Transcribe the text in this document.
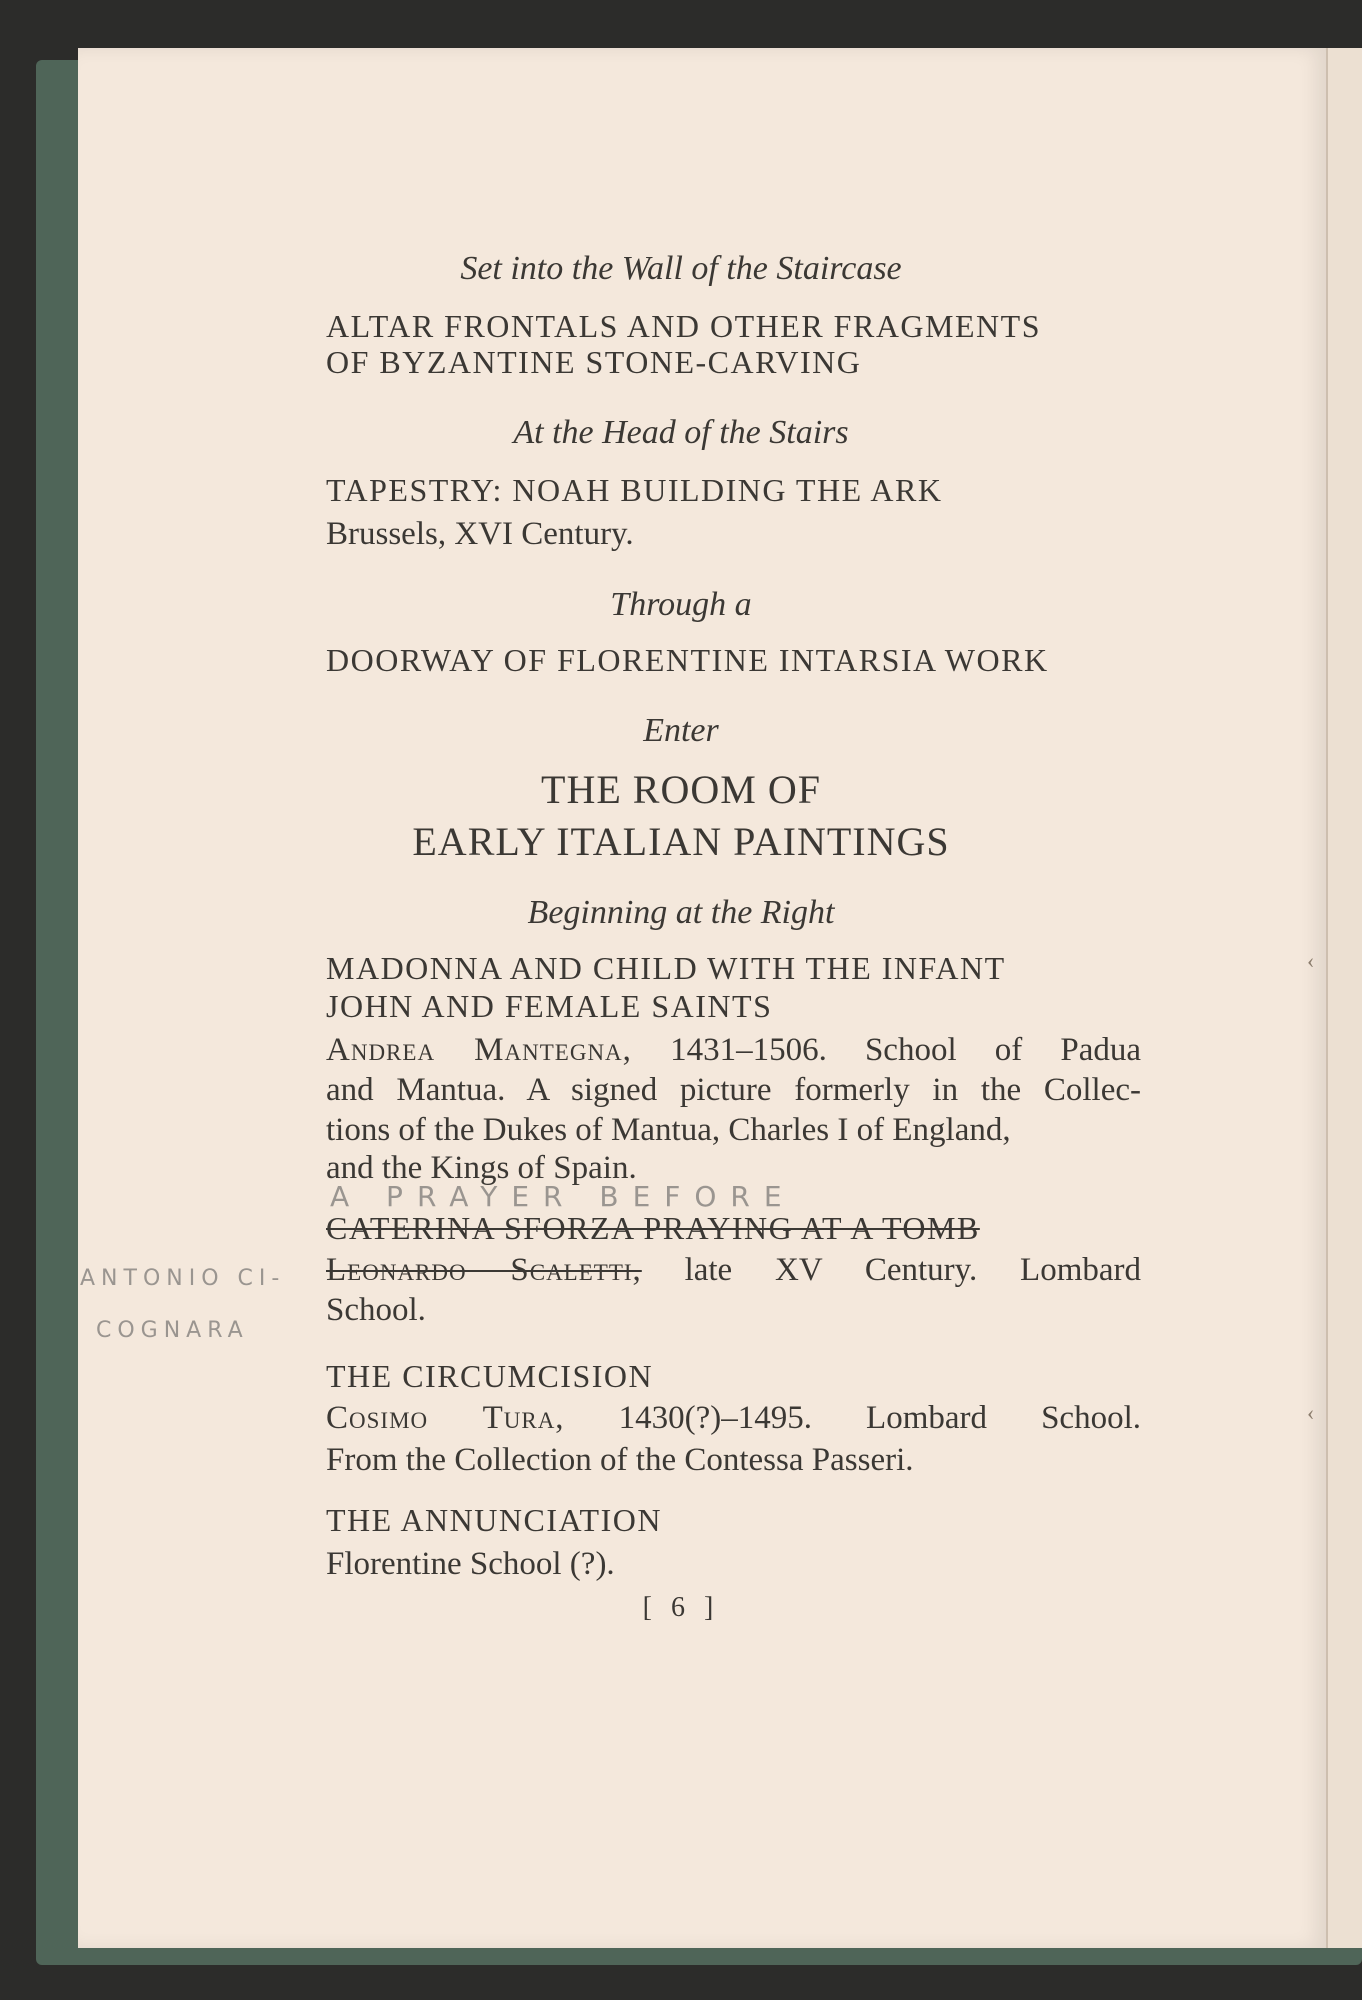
Set into the Wall of the Staircase
ALTAR FRONTALS AND OTHER FRAGMENTS
OF BYZANTINE STONE-CARVING
At the Head of the Stairs
TAPESTRY: NOAH BUILDING THE ARK
Brussels, XVI Century.
Through a
DOORWAY OF FLORENTINE INTARSIA WORK
Enter
THE ROOM OF
EARLY ITALIAN PAINTINGS
Beginning at the Right
MADONNA AND CHILD WITH THE INFANT
JOHN AND FEMALE SAINTS
Andrea Mantegna, 1431–1506. School of Padua
and Mantua. A signed picture formerly in the Collec-
tions of the Dukes of Mantua, Charles I of England,
and the Kings of Spain.
A PRAYER BEFORE
CATERINA SFORZA PRAYING AT A TOMB
Leonardo Scaletti, late XV Century. Lombard
School.
ANTONIO CI-
COGNARA
THE CIRCUMCISION
Cosimo Tura, 1430(?)–1495. Lombard School.
From the Collection of the Contessa Passeri.
THE ANNUNCIATION
Florentine School (?).
[ 6 ]
‹
‹
